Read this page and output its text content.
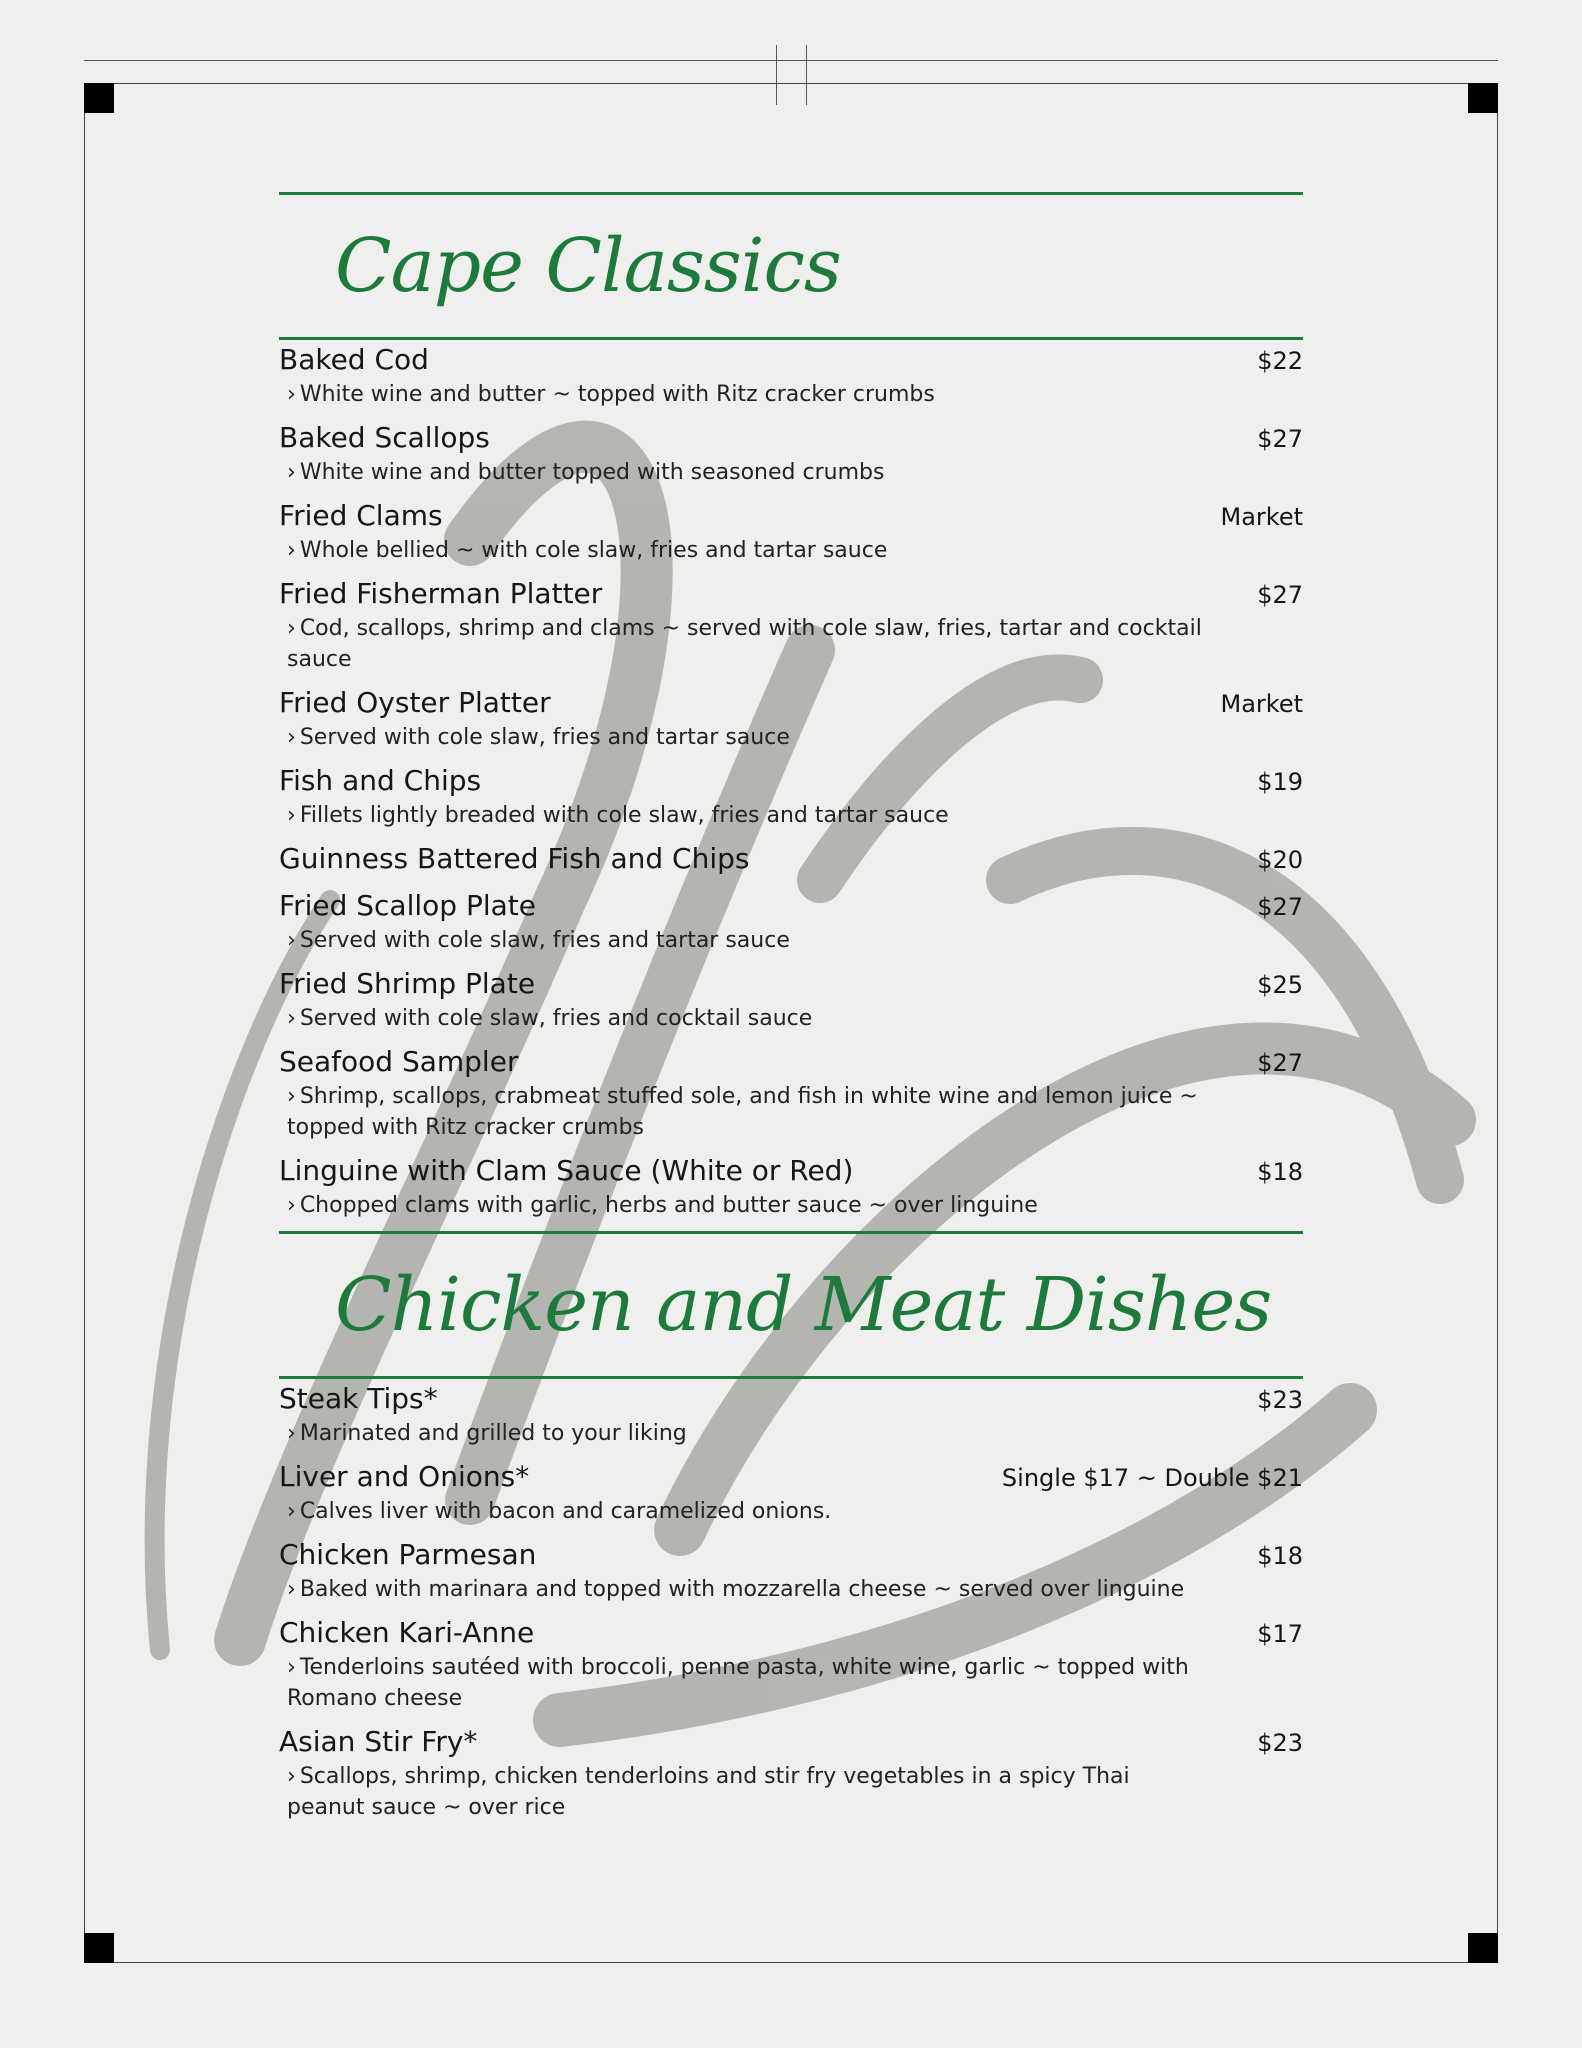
Cape Classics
Baked Cod	$22
› White wine and butter ~ topped with Ritz cracker crumbs
Baked Scallops	$27
› White wine and butter topped with seasoned crumbs
Fried Clams	Market
› Whole bellied ~ with cole slaw, fries and tartar sauce
Fried Fisherman Platter	$27
› Cod, scallops, shrimp and clams ~ served with cole slaw, fries, tartar and cocktail sauce
Fried Oyster Platter	Market
› Served with cole slaw, fries and tartar sauce
Fish and Chips	$19
› Fillets lightly breaded with cole slaw, fries and tartar sauce
Guinness Battered Fish and Chips	$20
Fried Scallop Plate	$27
› Served with cole slaw, fries and tartar sauce
Fried Shrimp Plate	$25
› Served with cole slaw, fries and cocktail sauce
Seafood Sampler	$27
› Shrimp, scallops, crabmeat stuffed sole, and fish in white wine and lemon juice ~ topped with Ritz cracker crumbs
Linguine with Clam Sauce (White or Red)	$18
› Chopped clams with garlic, herbs and butter sauce ~ over linguine
Chicken and Meat Dishes
Steak Tips*	$23
› Marinated and grilled to your liking
Liver and Onions*	Single $17 ~ Double $21
› Calves liver with bacon and caramelized onions.
Chicken Parmesan	$18
› Baked with marinara and topped with mozzarella cheese ~ served over linguine
Chicken Kari-Anne	$17
› Tenderloins sautéed with broccoli, penne pasta, white wine, garlic ~ topped with Romano cheese
Asian Stir Fry*	$23
› Scallops, shrimp, chicken tenderloins and stir fry vegetables in a spicy Thai peanut sauce ~ over rice
